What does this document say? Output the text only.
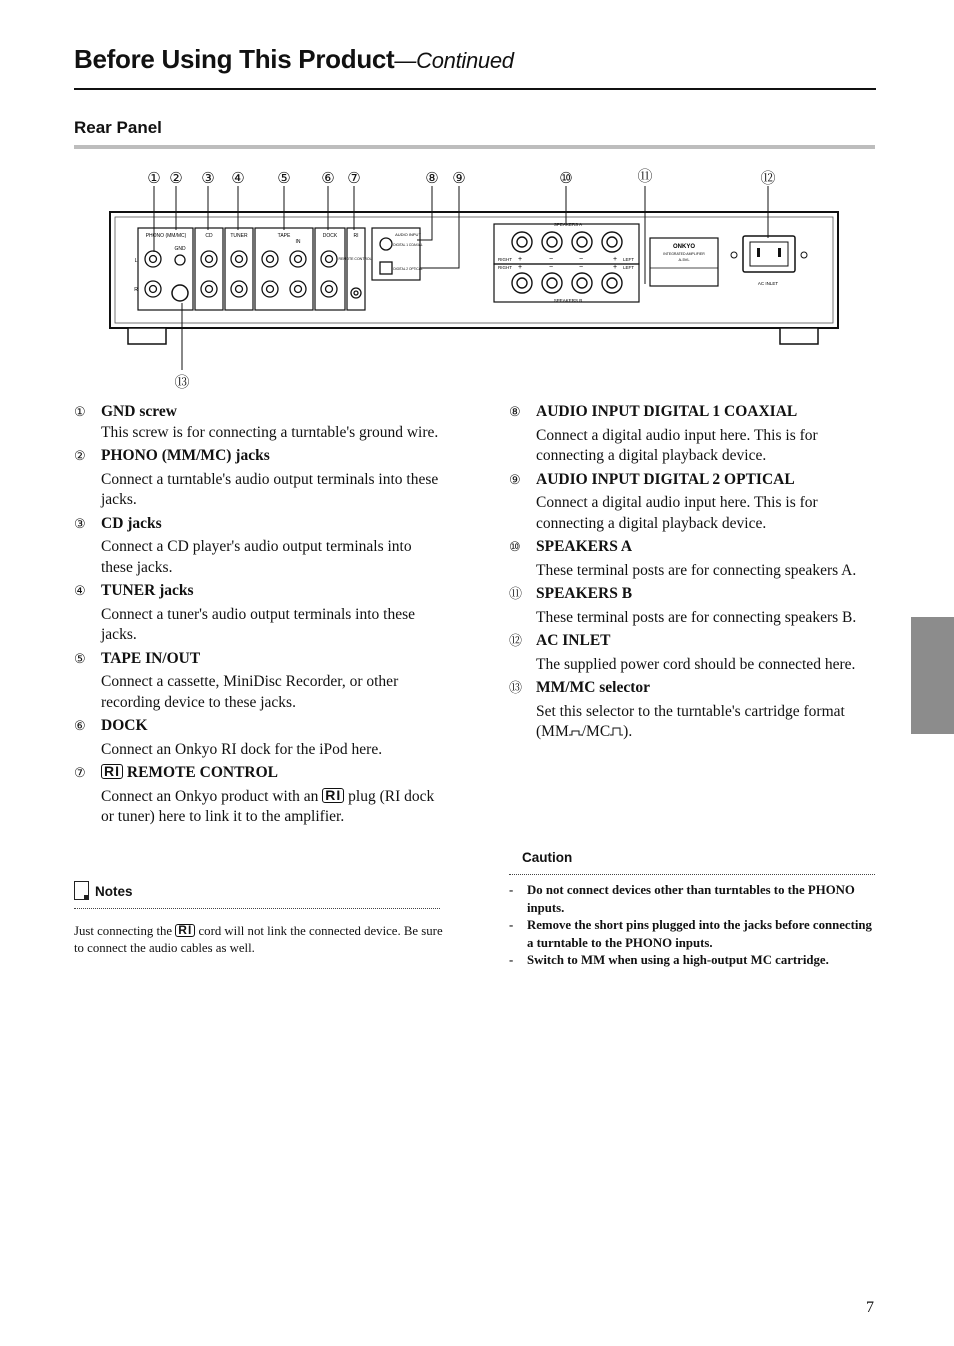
Before Using This Product—Continued
Rear Panel
PHONO (MM/MC)
GND
CD	TUNER	TAPE
IN
DOCK	RI
REMOTE CONTROL
L
R
AUDIO INPUT
DIGITAL 1 COAXIAL
DIGITAL 2 OPTICAL
SPEAKERS A
SPEAKERS B
RIGHT
RIGHT
LEFT
LEFT
+	−	−	+
+	−	−	+
ONKYO
INTEGRATED AMPLIFIER
A-5VL
AC INLET
① ② ③ ④ ⑤ ⑥ ⑦	⑧ ⑨	⑩	⑪	⑫
⑬
① GND screw
This screw is for connecting a turntable's ground wire.
② PHONO (MM/MC) jacks
Connect a turntable's audio output terminals into these jacks.
③ CD jacks
Connect a CD player's audio output terminals into these jacks.
④ TUNER jacks
Connect a tuner's audio output terminals into these jacks.
⑤ TAPE IN/OUT
Connect a cassette, MiniDisc Recorder, or other recording device to these jacks.
⑥ DOCK
Connect an Onkyo RI dock for the iPod here.
⑦ RI REMOTE CONTROL
Connect an Onkyo product with an RI plug (RI dock or tuner) here to link it to the amplifier.
Notes
Just connecting the RI cord will not link the connected device. Be sure to connect the audio cables as well.
⑧ AUDIO INPUT DIGITAL 1 COAXIAL
Connect a digital audio input here. This is for connecting a digital playback device.
⑨ AUDIO INPUT DIGITAL 2 OPTICAL
Connect a digital audio input here. This is for connecting a digital playback device.
⑩ SPEAKERS A
These terminal posts are for connecting speakers A.
⑪ SPEAKERS B
These terminal posts are for connecting speakers B.
⑫ AC INLET
The supplied power cord should be connected here.
⑬ MM/MC selector
Set this selector to the turntable's cartridge format (MM /MC ).
Caution
- Do not connect devices other than turntables to the PHONO inputs.
- Remove the short pins plugged into the jacks before connecting a turntable to the PHONO inputs.
- Switch to MM when using a high-output MC cartridge.
7
